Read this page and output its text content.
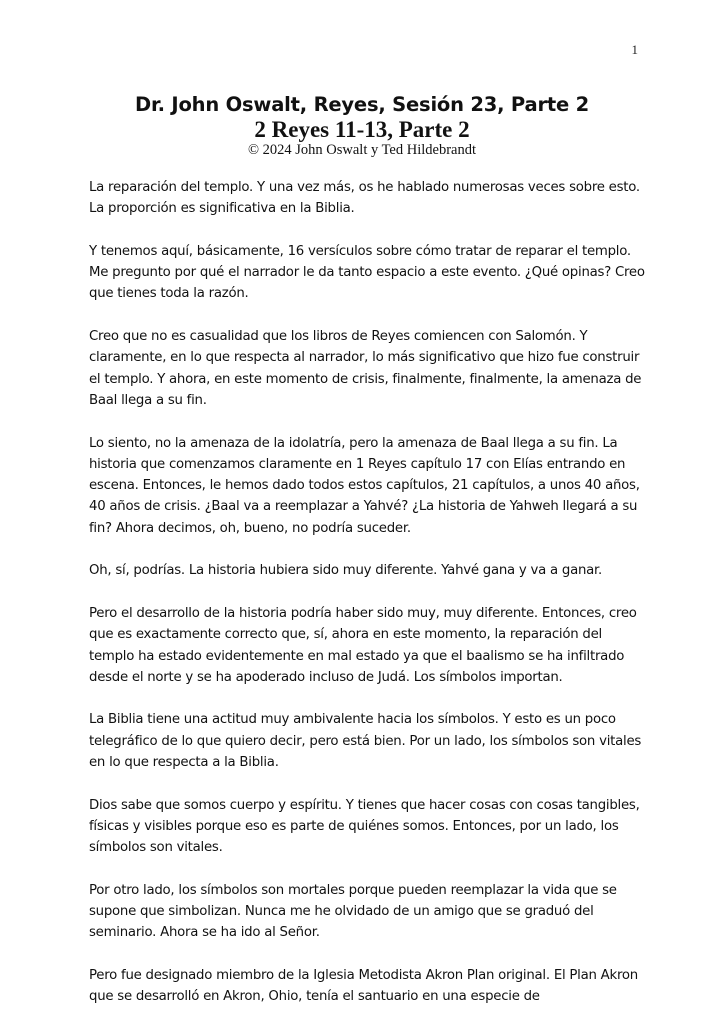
1
Dr. John Oswalt, Reyes, Sesión 23, Parte 2
2 Reyes 11-13, Parte 2
© 2024 John Oswalt y Ted Hildebrandt

La reparación del templo. Y una vez más, os he hablado numerosas veces sobre esto. La proporción es significativa en la Biblia.

Y tenemos aquí, básicamente, 16 versículos sobre cómo tratar de reparar el templo. Me pregunto por qué el narrador le da tanto espacio a este evento. ¿Qué opinas? Creo que tienes toda la razón.

Creo que no es casualidad que los libros de Reyes comiencen con Salomón. Y claramente, en lo que respecta al narrador, lo más significativo que hizo fue construir el templo. Y ahora, en este momento de crisis, finalmente, finalmente, la amenaza de Baal llega a su fin.

Lo siento, no la amenaza de la idolatría, pero la amenaza de Baal llega a su fin. La historia que comenzamos claramente en 1 Reyes capítulo 17 con Elías entrando en escena. Entonces, le hemos dado todos estos capítulos, 21 capítulos, a unos 40 años, 40 años de crisis. ¿Baal va a reemplazar a Yahvé? ¿La historia de Yahweh llegará a su fin? Ahora decimos, oh, bueno, no podría suceder.

Oh, sí, podrías. La historia hubiera sido muy diferente. Yahvé gana y va a ganar.

Pero el desarrollo de la historia podría haber sido muy, muy diferente. Entonces, creo que es exactamente correcto que, sí, ahora en este momento, la reparación del templo ha estado evidentemente en mal estado ya que el baalismo se ha infiltrado desde el norte y se ha apoderado incluso de Judá. Los símbolos importan.

La Biblia tiene una actitud muy ambivalente hacia los símbolos. Y esto es un poco telegráfico de lo que quiero decir, pero está bien. Por un lado, los símbolos son vitales en lo que respecta a la Biblia.

Dios sabe que somos cuerpo y espíritu. Y tienes que hacer cosas con cosas tangibles, físicas y visibles porque eso es parte de quiénes somos. Entonces, por un lado, los símbolos son vitales.

Por otro lado, los símbolos son mortales porque pueden reemplazar la vida que se supone que simbolizan. Nunca me he olvidado de un amigo que se graduó del seminario. Ahora se ha ido al Señor.

Pero fue designado miembro de la Iglesia Metodista Akron Plan original. El Plan Akron que se desarrolló en Akron, Ohio, tenía el santuario en una especie de
